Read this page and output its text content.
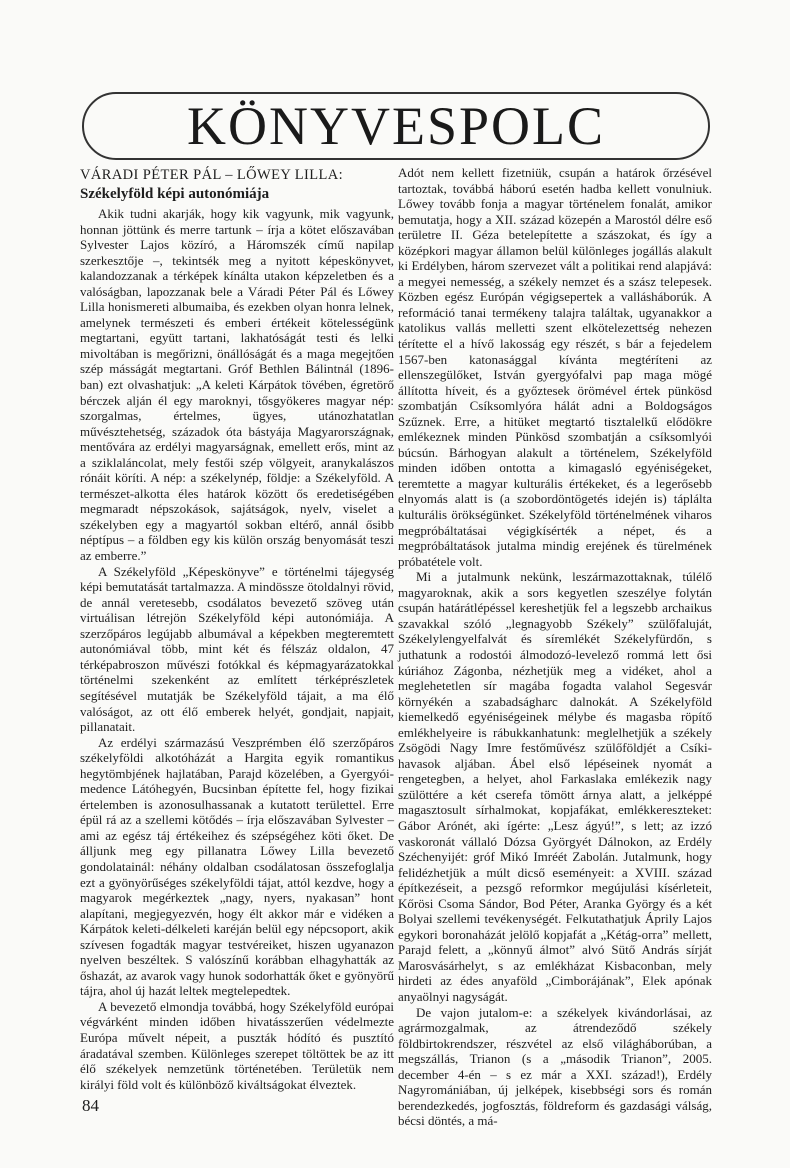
KÖNYVESPOLC
VÁRADI PÉTER PÁL – LŐWEY LILLA:
Székelyföld képi autonómiája

Akik tudni akarják, hogy kik vagyunk, mik vagyunk, honnan jöttünk és merre tartunk – írja a kötet előszavában Sylvester Lajos közíró, a Háromszék című napilap szerkesztője –, tekintsék meg a nyitott képeskönyvet, kalandozzanak a térképek kínálta utakon képzeletben és a valóságban, lapozzanak bele a Váradi Péter Pál és Lőwey Lilla honismereti albumaiba, és ezekben olyan honra lelnek, amelynek természeti és emberi értékeit kötelességünk megtartani, együtt tartani, lakhatóságát testi és lelki mivoltában is megőrizni, önállóságát és a maga megejtően szép másságát megtartani. Gróf Bethlen Bálintnál (1896-ban) ezt olvashatjuk: „A keleti Kárpátok tövében, égretörő bérczek alján él egy maroknyi, tősgyökeres magyar nép: szorgalmas, értelmes, ügyes, utánozhatatlan művésztehetség, századok óta bástyája Magyarországnak, mentővára az erdélyi magyarságnak, emellett erős, mint az a sziklaláncolat, mely festői szép völgyeit, aranykalászos rónáit köríti. A nép: a székelynép, földje: a Székelyföld. A természet-alkotta éles határok között ős eredetiségében megmaradt népszokások, sajátságok, nyelv, viselet a székelyben egy a magyartól sokban eltérő, annál ősibb néptípus – a földben egy kis külön ország benyomását teszi az emberre.”

A Székelyföld „Képeskönyve” e történelmi tájegység képi bemutatását tartalmazza. A mindössze ötoldalnyi rövid, de annál veretesebb, csodálatos bevezető szöveg után virtuálisan létrejön Székelyföld képi autonómiája. A szerzőpáros legújabb albumával a képekben megteremtett autonómiával több, mint két és félszáz oldalon, 47 térképabroszon művészi fotókkal és képmagyarázatokkal történelmi szekenként az említett térképrészletek segítésével mutatják be Székelyföld tájait, a ma élő valóságot, az ott élő emberek helyét, gondjait, napjait, pillanatait.

Az erdélyi származású Veszprémben élő szerzőpáros székelyföldi alkotóházát a Hargita egyik romantikus hegytömbjének hajlatában, Parajd közelében, a Gyergyói-medence Látóhegyén, Bucsinban építette fel, hogy fizikai értelemben is azonosulhassanak a kutatott területtel. Erre épül rá az a szellemi kötődés – írja előszavában Sylvester – ami az egész táj értékeihez és szépségéhez köti őket. De álljunk meg egy pillanatra Lőwey Lilla bevezető gondolatainál: néhány oldalban csodálatosan összefoglalja ezt a gyönyörűséges székelyföldi tájat, attól kezdve, hogy a magyarok megérkeztek „nagy, nyers, nyakasan” hont alapítani, megjegyezvén, hogy élt akkor már e vidéken a Kárpátok keleti-délkeleti karéján belül egy népcsoport, akik szívesen fogadták magyar testvéreiket, hiszen ugyanazon nyelven beszéltek. S valószínű korábban elhagyhatták az őshazát, az avarok vagy hunok sodorhatták őket e gyönyörű tájra, ahol új hazát leltek megtelepedtek.

A bevezető elmondja továbbá, hogy Székelyföld európai végvárként minden időben hivatásszerűen védelmezte Európa művelt népeit, a puszták hódító és pusztító áradatával szemben. Különleges szerepet töltöttek be az itt élő székelyek nemzetünk történetében. Területük nem királyi föld volt és különböző kiváltságokat élveztek.

Adót nem kellett fizetniük, csupán a határok őrzésével tartoztak, továbbá háború esetén hadba kellett vonulniuk. Lőwey tovább fonja a magyar történelem fonalát, amikor bemutatja, hogy a XII. század közepén a Marostól délre eső területre II. Géza betelepítette a szászokat, és így a középkori magyar államon belül különleges jogállás alakult ki Erdélyben, három szervezet vált a politikai rend alapjává: a megyei nemesség, a székely nemzet és a szász telepesek. Közben egész Európán végigsepertek a vallásháborúk. A reformáció tanai termékeny talajra találtak, ugyanakkor a katolikus vallás melletti szent elkötelezettség nehezen térítette el a hívő lakosság egy részét, s bár a fejedelem 1567-ben katonasággal kívánta megtéríteni az ellenszegülőket, István gyergyófalvi pap maga mögé állította híveit, és a győztesek örömével értek pünkösd szombatján Csíksomlyóra hálát adni a Boldogságos Szűznek. Erre, a hitüket megtartó tisztalelkű elődökre emlékeznek minden Pünkösd szombatján a csíksomlyói búcsún. Bárhogyan alakult a történelem, Székelyföld minden időben ontotta a kimagasló egyéniségeket, teremtette a magyar kulturális értékeket, és a legerősebb elnyomás alatt is (a szobordöntögetés idején is) táplálta kulturális örökségünket. Székelyföld történelmének viharos megpróbáltatásai végigkísérték a népet, és a megpróbáltatások jutalma mindig erejének és türelmének próbatétele volt.

Mi a jutalmunk nekünk, leszármazottaknak, túlélő magyaroknak, akik a sors kegyetlen szeszélye folytán csupán határátlépéssel kereshetjük fel a legszebb archaikus szavakkal szóló „legnagyobb Székely” szülőfaluját, Székelylengyelfalvát és síremlékét Székelyfürdőn, s juthatunk a rodostói álmodozó-levelező rommá lett ősi kúriához Zágonba, nézhetjük meg a vidéket, ahol a meglehetetlen sír magába fogadta valahol Segesvár környékén a szabadságharc dalnokát. A Székelyföld kiemelkedő egyéniségeinek mélybe és magasba röpítő emlékhelyeire is rábukkanhatunk: meglelhetjük a székely Zsögödi Nagy Imre festőművész szülőföldjét a Csíki-havasok aljában. Ábel első lépéseinek nyomát a rengetegben, a helyet, ahol Farkaslaka emlékezik nagy szülöttére a két cserefa tömött árnya alatt, a jelképpé magasztosult sírhalmokat, kopjafákat, emlékkereszteket: Gábor Arónét, aki ígérte: „Lesz ágyú!”, s lett; az izzó vaskoronát vállaló Dózsa Györgyét Dálnokon, az Erdély Széchenyijét: gróf Mikó Imréét Zabolán. Jutalmunk, hogy felidézhetjük a múlt dicső eseményeit: a XVIII. század építkezéseit, a pezsgő reformkor megújulási kísérleteit, Kőrösi Csoma Sándor, Bod Péter, Aranka György és a két Bolyai szellemi tevékenységét. Felkutathatjuk Áprily Lajos egykori boronaházát jelölő kopjafát a „Kétág-orra” mellett, Parajd felett, a „könnyű álmot” alvó Sütő András sírját Marosvásárhelyt, s az emlékházat Kisbaconban, mely hirdeti az édes anyaföld „Cimborájának”, Elek apónak anyaölnyi nagyságát.

De vajon jutalom-e: a székelyek kivándorlásai, az agrármozgalmak, az átrendeződő székely földbirtokrendszer, részvétel az első világháborúban, a megszállás, Trianon (s a „második Trianon”, 2005. december 4-én – s ez már a XXI. század!), Erdély Nagyromániában, új jelképek, kisebbségi sors és román berendezkedés, jogfosztás, földreform és gazdasági válság, bécsi döntés, a má-

84
